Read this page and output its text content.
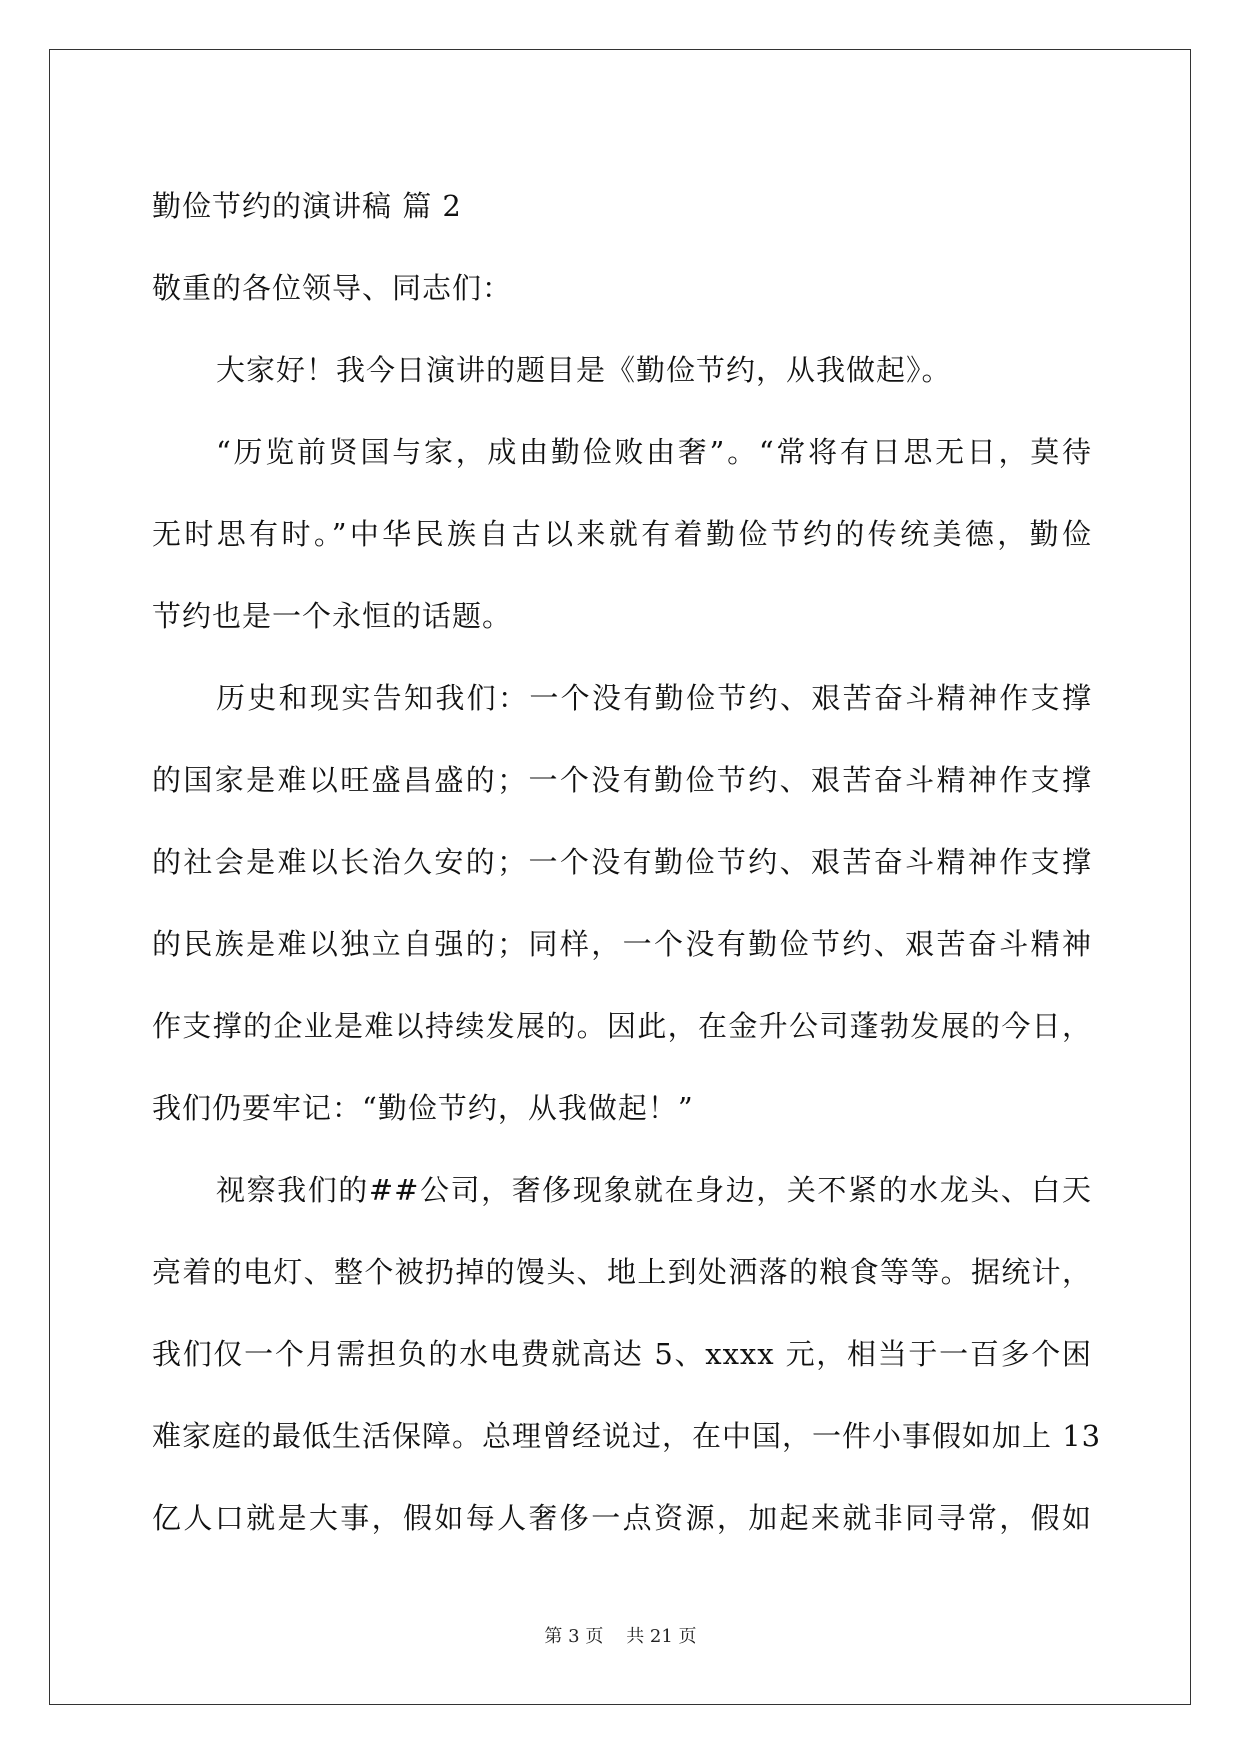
勤俭节约的演讲稿 篇 2
敬重的各位领导、同志们：
大家好！我今日演讲的题目是《勤俭节约，从我做起》。
“历览前贤国与家，成由勤俭败由奢”。“常将有日思无日，莫待
无时思有时。”中华民族自古以来就有着勤俭节约的传统美德，勤俭
节约也是一个永恒的话题。
历史和现实告知我们：一个没有勤俭节约、艰苦奋斗精神作支撑
的国家是难以旺盛昌盛的；一个没有勤俭节约、艰苦奋斗精神作支撑
的社会是难以长治久安的；一个没有勤俭节约、艰苦奋斗精神作支撑
的民族是难以独立自强的；同样，一个没有勤俭节约、艰苦奋斗精神
作支撑的企业是难以持续发展的。因此，在金升公司蓬勃发展的今日，
我们仍要牢记：“勤俭节约，从我做起！”
视察我们的##公司，奢侈现象就在身边，关不紧的水龙头、白天
亮着的电灯、整个被扔掉的馒头、地上到处洒落的粮食等等。据统计，
我们仅一个月需担负的水电费就高达 5、xxxx 元，相当于一百多个困
难家庭的最低生活保障。总理曾经说过，在中国，一件小事假如加上 13
亿人口就是大事，假如每人奢侈一点资源，加起来就非同寻常，假如
第 3 页    共 21 页
